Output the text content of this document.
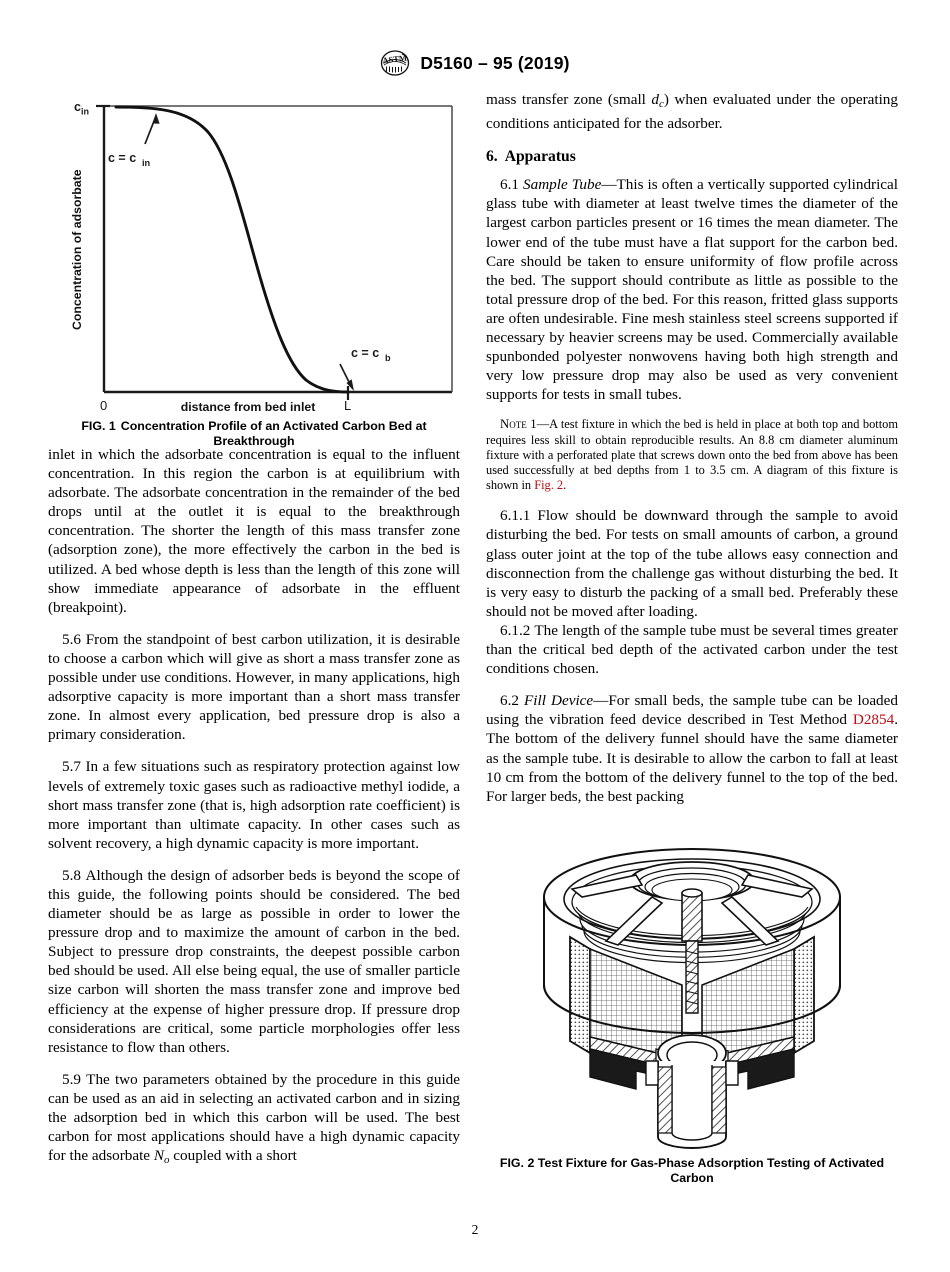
ASTM D5160 – 95 (2019)

inlet in which the adsorbate concentration is equal to the influent concentration. In this region the carbon is at equilibrium with adsorbate. The adsorbate concentration in the remainder of the bed drops until at the outlet it is equal to the breakthrough concentration. The shorter the length of this mass transfer zone (adsorption zone), the more effectively the carbon in the bed is utilized. A bed whose depth is less than the length of this zone will show immediate appearance of adsorbate in the effluent (breakpoint).

5.6 From the standpoint of best carbon utilization, it is desirable to choose a carbon which will give as short a mass transfer zone as possible under use conditions. However, in many applications, high adsorptive capacity is more important than a short mass transfer zone. In almost every application, bed pressure drop is also a primary consideration.

5.7 In a few situations such as respiratory protection against low levels of extremely toxic gases such as radioactive methyl iodide, a short mass transfer zone (that is, high adsorption rate coefficient) is more important than ultimate capacity. In other cases such as solvent recovery, a high dynamic capacity is more important.

5.8 Although the design of adsorber beds is beyond the scope of this guide, the following points should be considered. The bed diameter should be as large as possible in order to lower the pressure drop and to maximize the amount of carbon in the bed. Subject to pressure drop constraints, the deepest possible carbon bed should be used. All else being equal, the use of smaller particle size carbon will shorten the mass transfer zone and improve bed efficiency at the expense of higher pressure drop. If pressure drop considerations are critical, some particle morphologies offer less resistance to flow than others.

5.9 The two parameters obtained by the procedure in this guide can be used as an aid in selecting an activated carbon and in sizing the adsorption bed in which this carbon will be used. The best carbon for most applications should have a high dynamic capacity for the adsorbate $N_o$ coupled with a short

c in
Concentration of adsorbate
c = c in
c = c b
0	L
distance from bed inlet
FIG. 1 Concentration Profile of an Activated Carbon Bed at Breakthrough

mass transfer zone (small $d_c$) when evaluated under the operating conditions anticipated for the adsorber.

6. Apparatus

6.1 Sample Tube—This is often a vertically supported cylindrical glass tube with diameter at least twelve times the diameter of the largest carbon particles present or 16 times the mean diameter. The lower end of the tube must have a flat support for the carbon bed. Care should be taken to ensure uniformity of flow profile across the bed. The support should contribute as little as possible to the total pressure drop of the bed. For this reason, fritted glass supports are often undesirable. Fine mesh stainless steel screens supported if necessary by heavier screens may be used. Commercially available spunbonded polyester nonwovens having both high strength and very low pressure drop may also be used as very convenient supports for tests in small tubes.

Note 1—A test fixture in which the bed is held in place at both top and bottom requires less skill to obtain reproducible results. An 8.8 cm diameter aluminum fixture with a perforated plate that screws down onto the bed from above has been used successfully at bed depths from 1 to 3.5 cm. A diagram of this fixture is shown in Fig. 2.

6.1.1 Flow should be downward through the sample to avoid disturbing the bed. For tests on small amounts of carbon, a ground glass outer joint at the top of the tube allows easy connection and disconnection from the challenge gas without disturbing the bed. It is very easy to disturb the packing of a small bed. Preferably these should not be moved after loading.

6.1.2 The length of the sample tube must be several times greater than the critical bed depth of the activated carbon under the test conditions chosen.

6.2 Fill Device—For small beds, the sample tube can be loaded using the vibration feed device described in Test Method D2854. The bottom of the delivery funnel should have the same diameter as the sample tube. It is desirable to allow the carbon to fall at least 10 cm from the bottom of the delivery funnel to the top of the bed. For larger beds, the best packing

FIG. 2 Test Fixture for Gas-Phase Adsorption Testing of Activated Carbon
2
